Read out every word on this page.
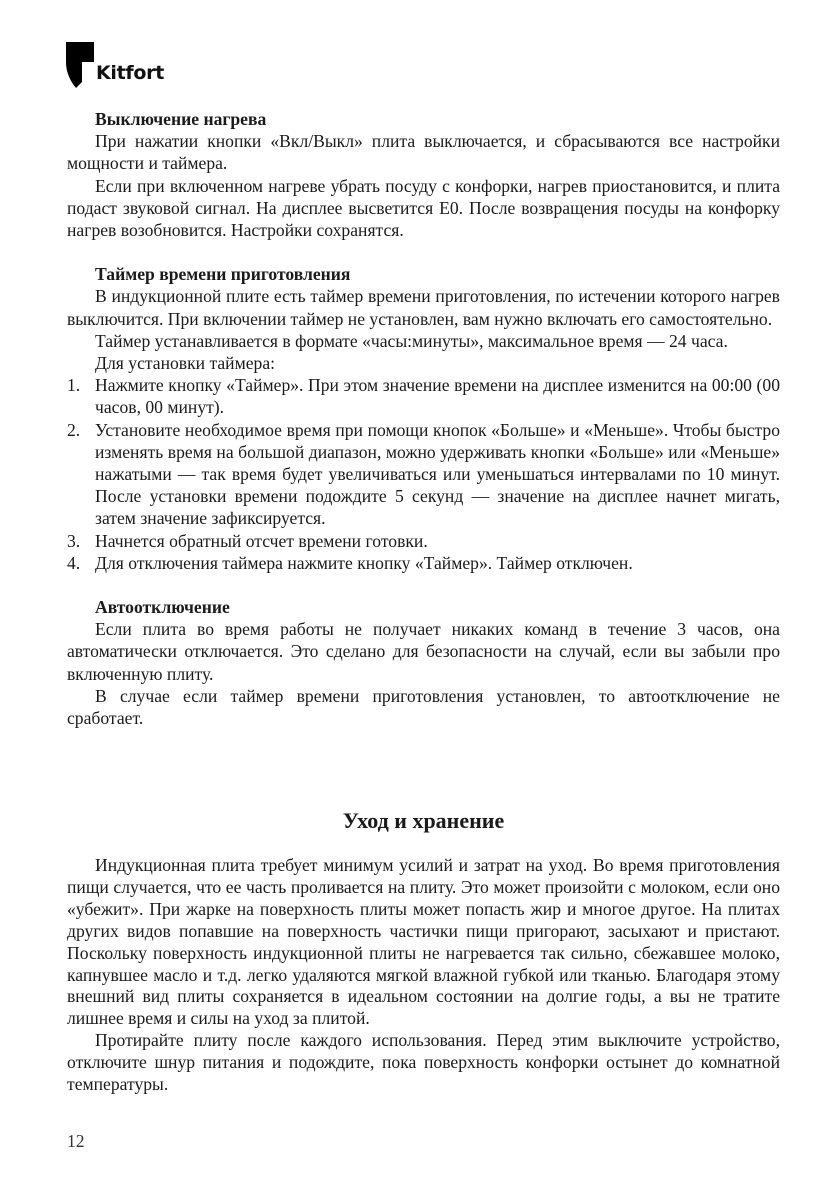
Kitfort
Выключение нагрева

При нажатии кнопки «Вкл/Выкл» плита выключается, и сбрасываются все настройки мощности и таймера.

Если при включенном нагреве убрать посуду с конфорки, нагрев приостановится, и плита подаст звуковой сигнал. На дисплее высветится E0. После возвращения посуды на конфорку нагрев возобновится. Настройки сохранятся.

Таймер времени приготовления

В индукционной плите есть таймер времени приготовления, по истечении которого нагрев выключится. При включении таймер не установлен, вам нужно включать его самостоятельно.

Таймер устанавливается в формате «часы:минуты», максимальное время — 24 часа.

Для установки таймера:

1. Нажмите кнопку «Таймер». При этом значение времени на дисплее изменится на 00:00 (00 часов, 00 минут).
2. Установите необходимое время при помощи кнопок «Больше» и «Меньше». Чтобы быстро изменять время на большой диапазон, можно удерживать кнопки «Больше» или «Меньше» нажатыми — так время будет увеличиваться или уменьшаться интервалами по 10 минут. После установки времени подождите 5 секунд — значение на дисплее начнет мигать, затем значение зафиксируется.
3. Начнется обратный отсчет времени готовки.
4. Для отключения таймера нажмите кнопку «Таймер». Таймер отключен.
Автоотключение

Если плита во время работы не получает никаких команд в течение 3 часов, она автоматически отключается. Это сделано для безопасности на случай, если вы забыли про включенную плиту.

В случае если таймер времени приготовления установлен, то автоотключение не сработает.

Уход и хранение

Индукционная плита требует минимум усилий и затрат на уход. Во время приготовления пищи случается, что ее часть проливается на плиту. Это может произойти с молоком, если оно «убежит». При жарке на поверхность плиты может попасть жир и многое другое. На плитах других видов попавшие на поверхность частички пищи пригорают, засыхают и пристают. Поскольку поверхность индукционной плиты не нагревается так сильно, сбежавшее молоко, капнувшее масло и т.д. легко удаляются мягкой влажной губкой или тканью. Благодаря этому внешний вид плиты сохраняется в идеальном состоянии на долгие годы, а вы не тратите лишнее время и силы на уход за плитой.

Протирайте плиту после каждого использования. Перед этим выключите устройство, отключите шнур питания и подождите, пока поверхность конфорки остынет до комнатной температуры.

12
